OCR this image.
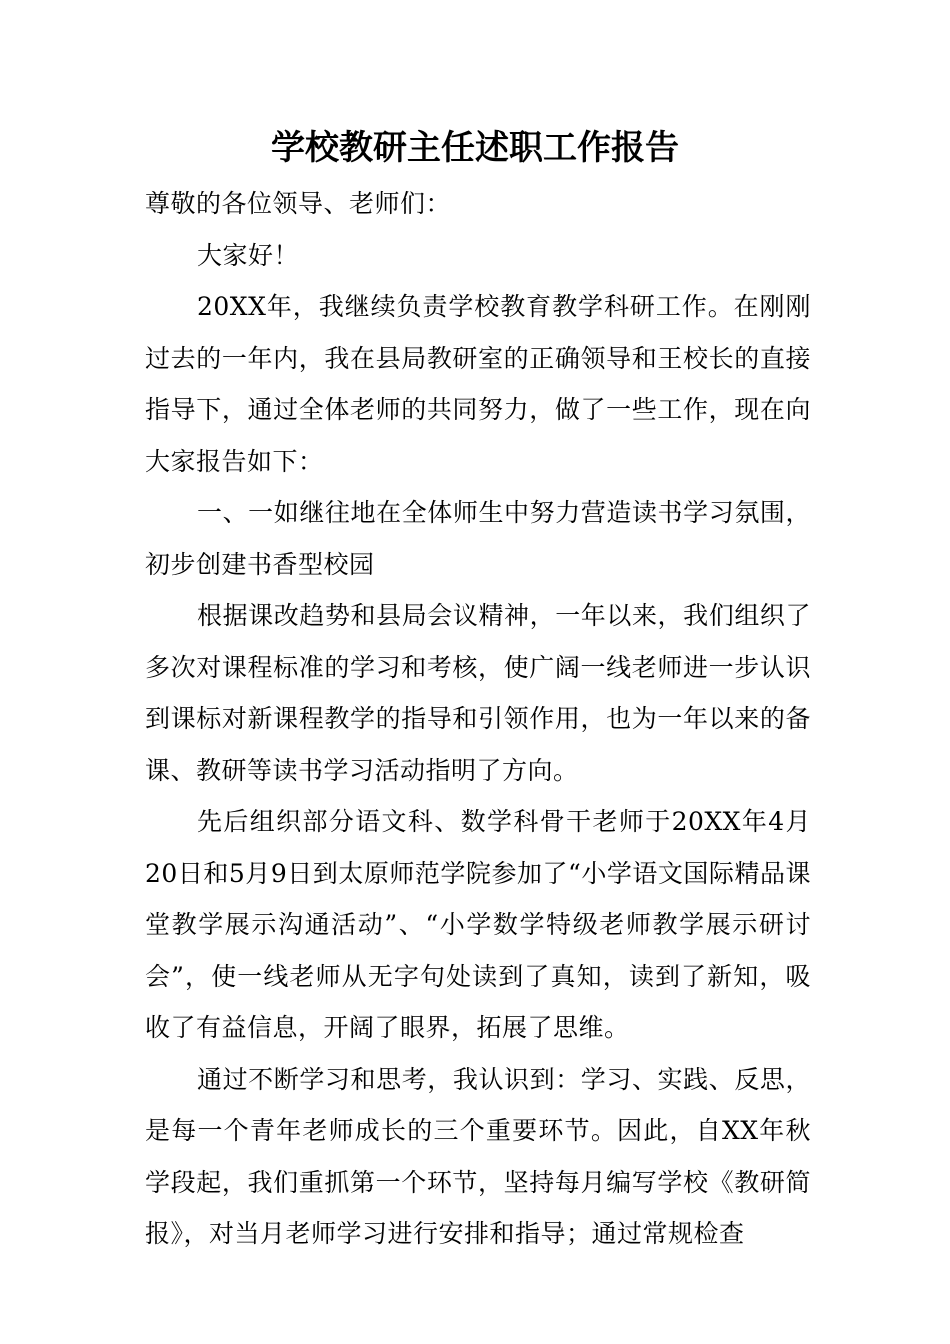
学校教研主任述职工作报告

尊敬的各位领导、老师们：

大家好！

20XX年，我继续负责学校教育教学科研工作。在刚刚过去的一年内，我在县局教研室的正确领导和王校长的直接指导下，通过全体老师的共同努力，做了一些工作，现在向大家报告如下：

一、一如继往地在全体师生中努力营造读书学习氛围，初步创建书香型校园

根据课改趋势和县局会议精神，一年以来，我们组织了多次对课程标准的学习和考核，使广阔一线老师进一步认识到课标对新课程教学的指导和引领作用，也为一年以来的备课、教研等读书学习活动指明了方向。

先后组织部分语文科、数学科骨干老师于20XX年4月20日和5月9日到太原师范学院参加了“小学语文国际精品课堂教学展示沟通活动”、“小学数学特级老师教学展示研讨会”，使一线老师从无字句处读到了真知，读到了新知，吸收了有益信息，开阔了眼界，拓展了思维。

通过不断学习和思考，我认识到：学习、实践、反思，是每一个青年老师成长的三个重要环节。因此，自XX年秋学段起，我们重抓第一个环节，坚持每月编写学校《教研简报》，对当月老师学习进行安排和指导；通过常规检查
